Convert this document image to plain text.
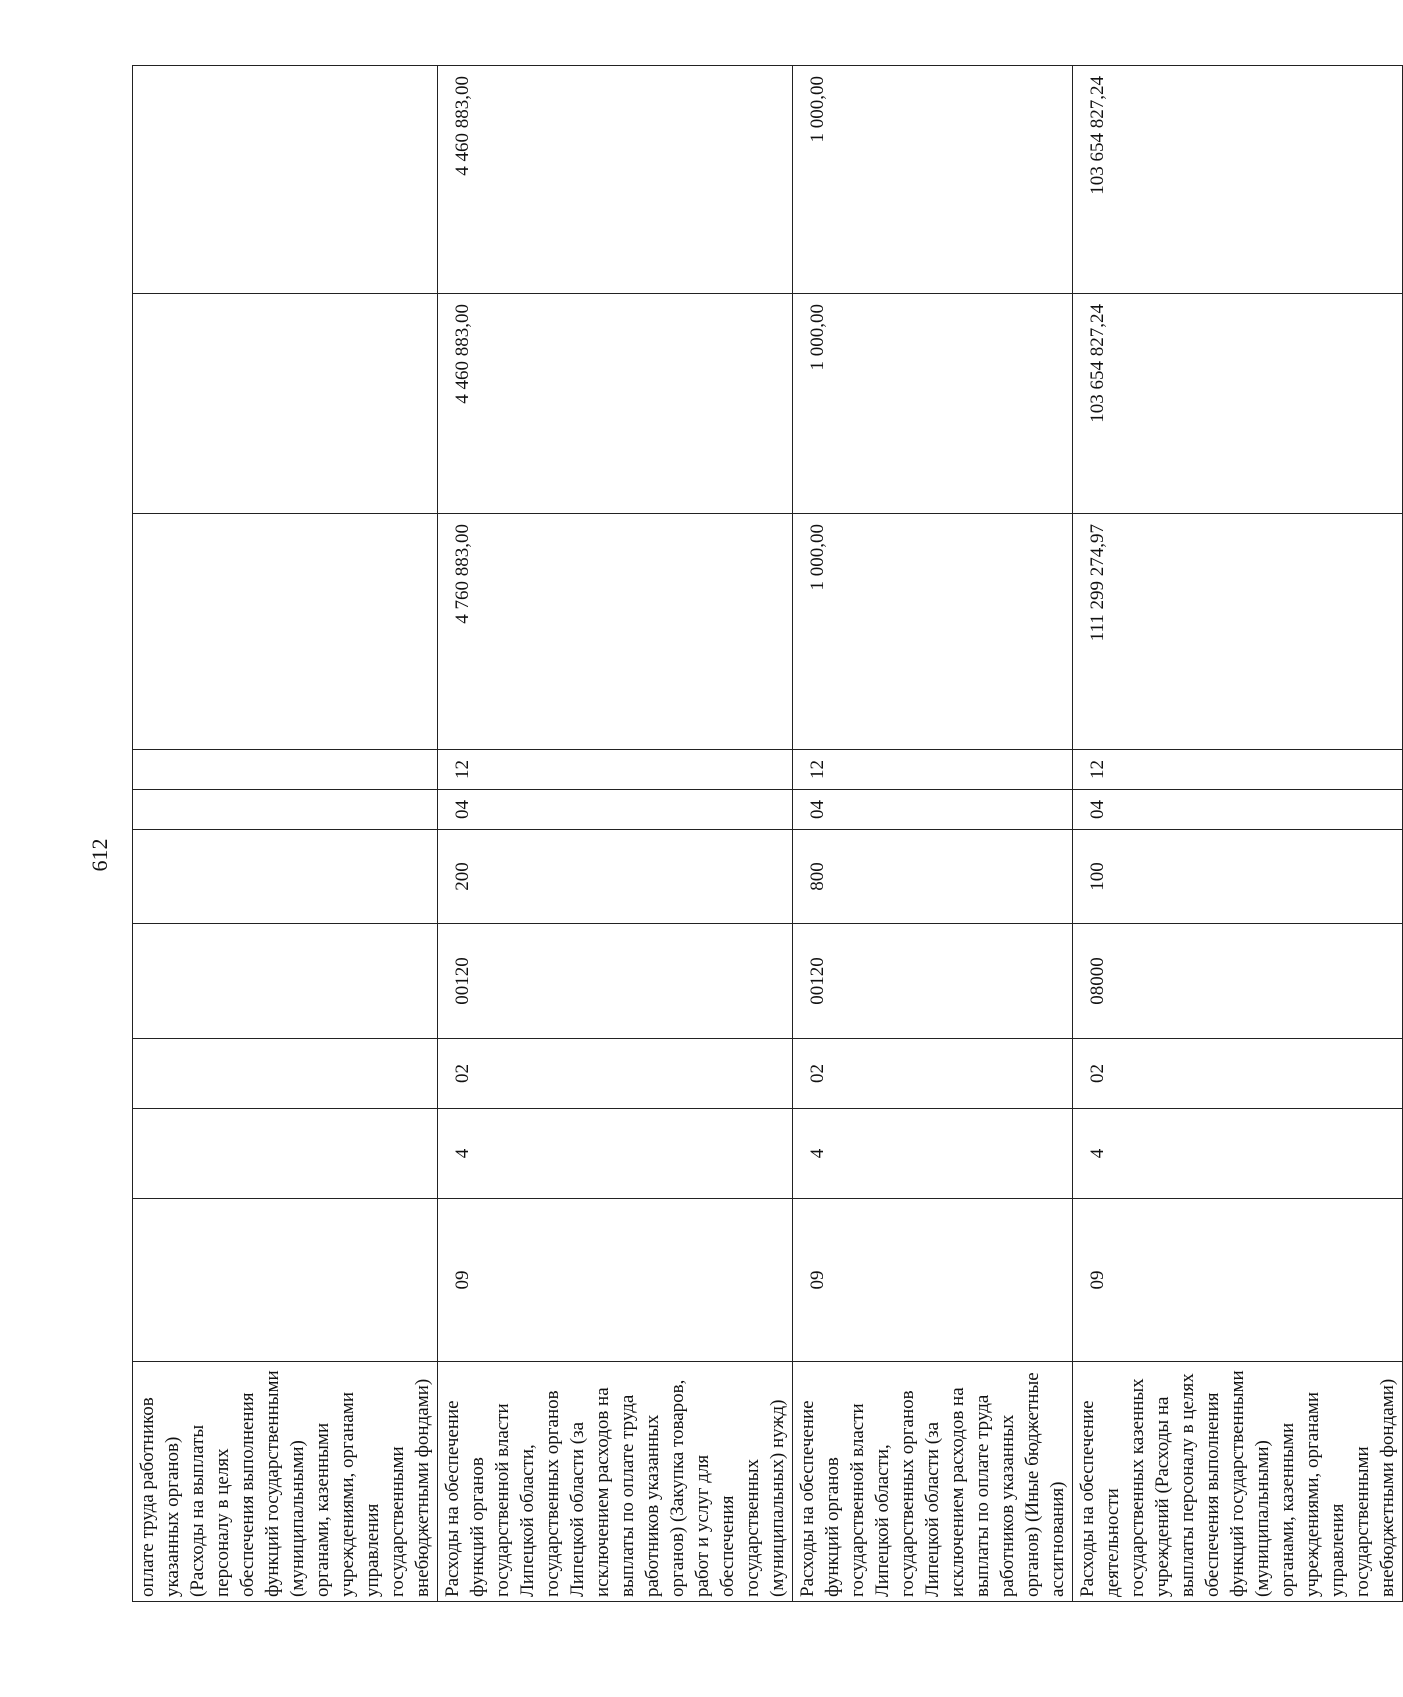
612
оплате труда работников указанных органов) (Расходы на выплаты персоналу в целях обеспечения выполнения функций государственными (муниципальными) органами, казенными учреждениями, органами управления государственными внебюджетными фондами)										
Расходы на обеспечение функций органов государственной власти Липецкой области, государственных органов Липецкой области (за исключением расходов на выплаты по оплате труда работников указанных органов) (Закупка товаров, работ и услуг для обеспечения государственных (муниципальных) нужд)	09	4	02	00120	200	04	12	4 760 883,00	4 460 883,00	4 460 883,00
Расходы на обеспечение функций органов государственной власти Липецкой области, государственных органов Липецкой области (за исключением расходов на выплаты по оплате труда работников указанных органов) (Иные бюджетные ассигнования)	09	4	02	00120	800	04	12	1 000,00	1 000,00	1 000,00
Расходы на обеспечение деятельности государственных казенных учреждений (Расходы на выплаты персоналу в целях обеспечения выполнения функций государственными (муниципальными) органами, казенными учреждениями, органами управления государственными внебюджетными фондами)	09	4	02	08000	100	04	12	111 299 274,97	103 654 827,24	103 654 827,24
